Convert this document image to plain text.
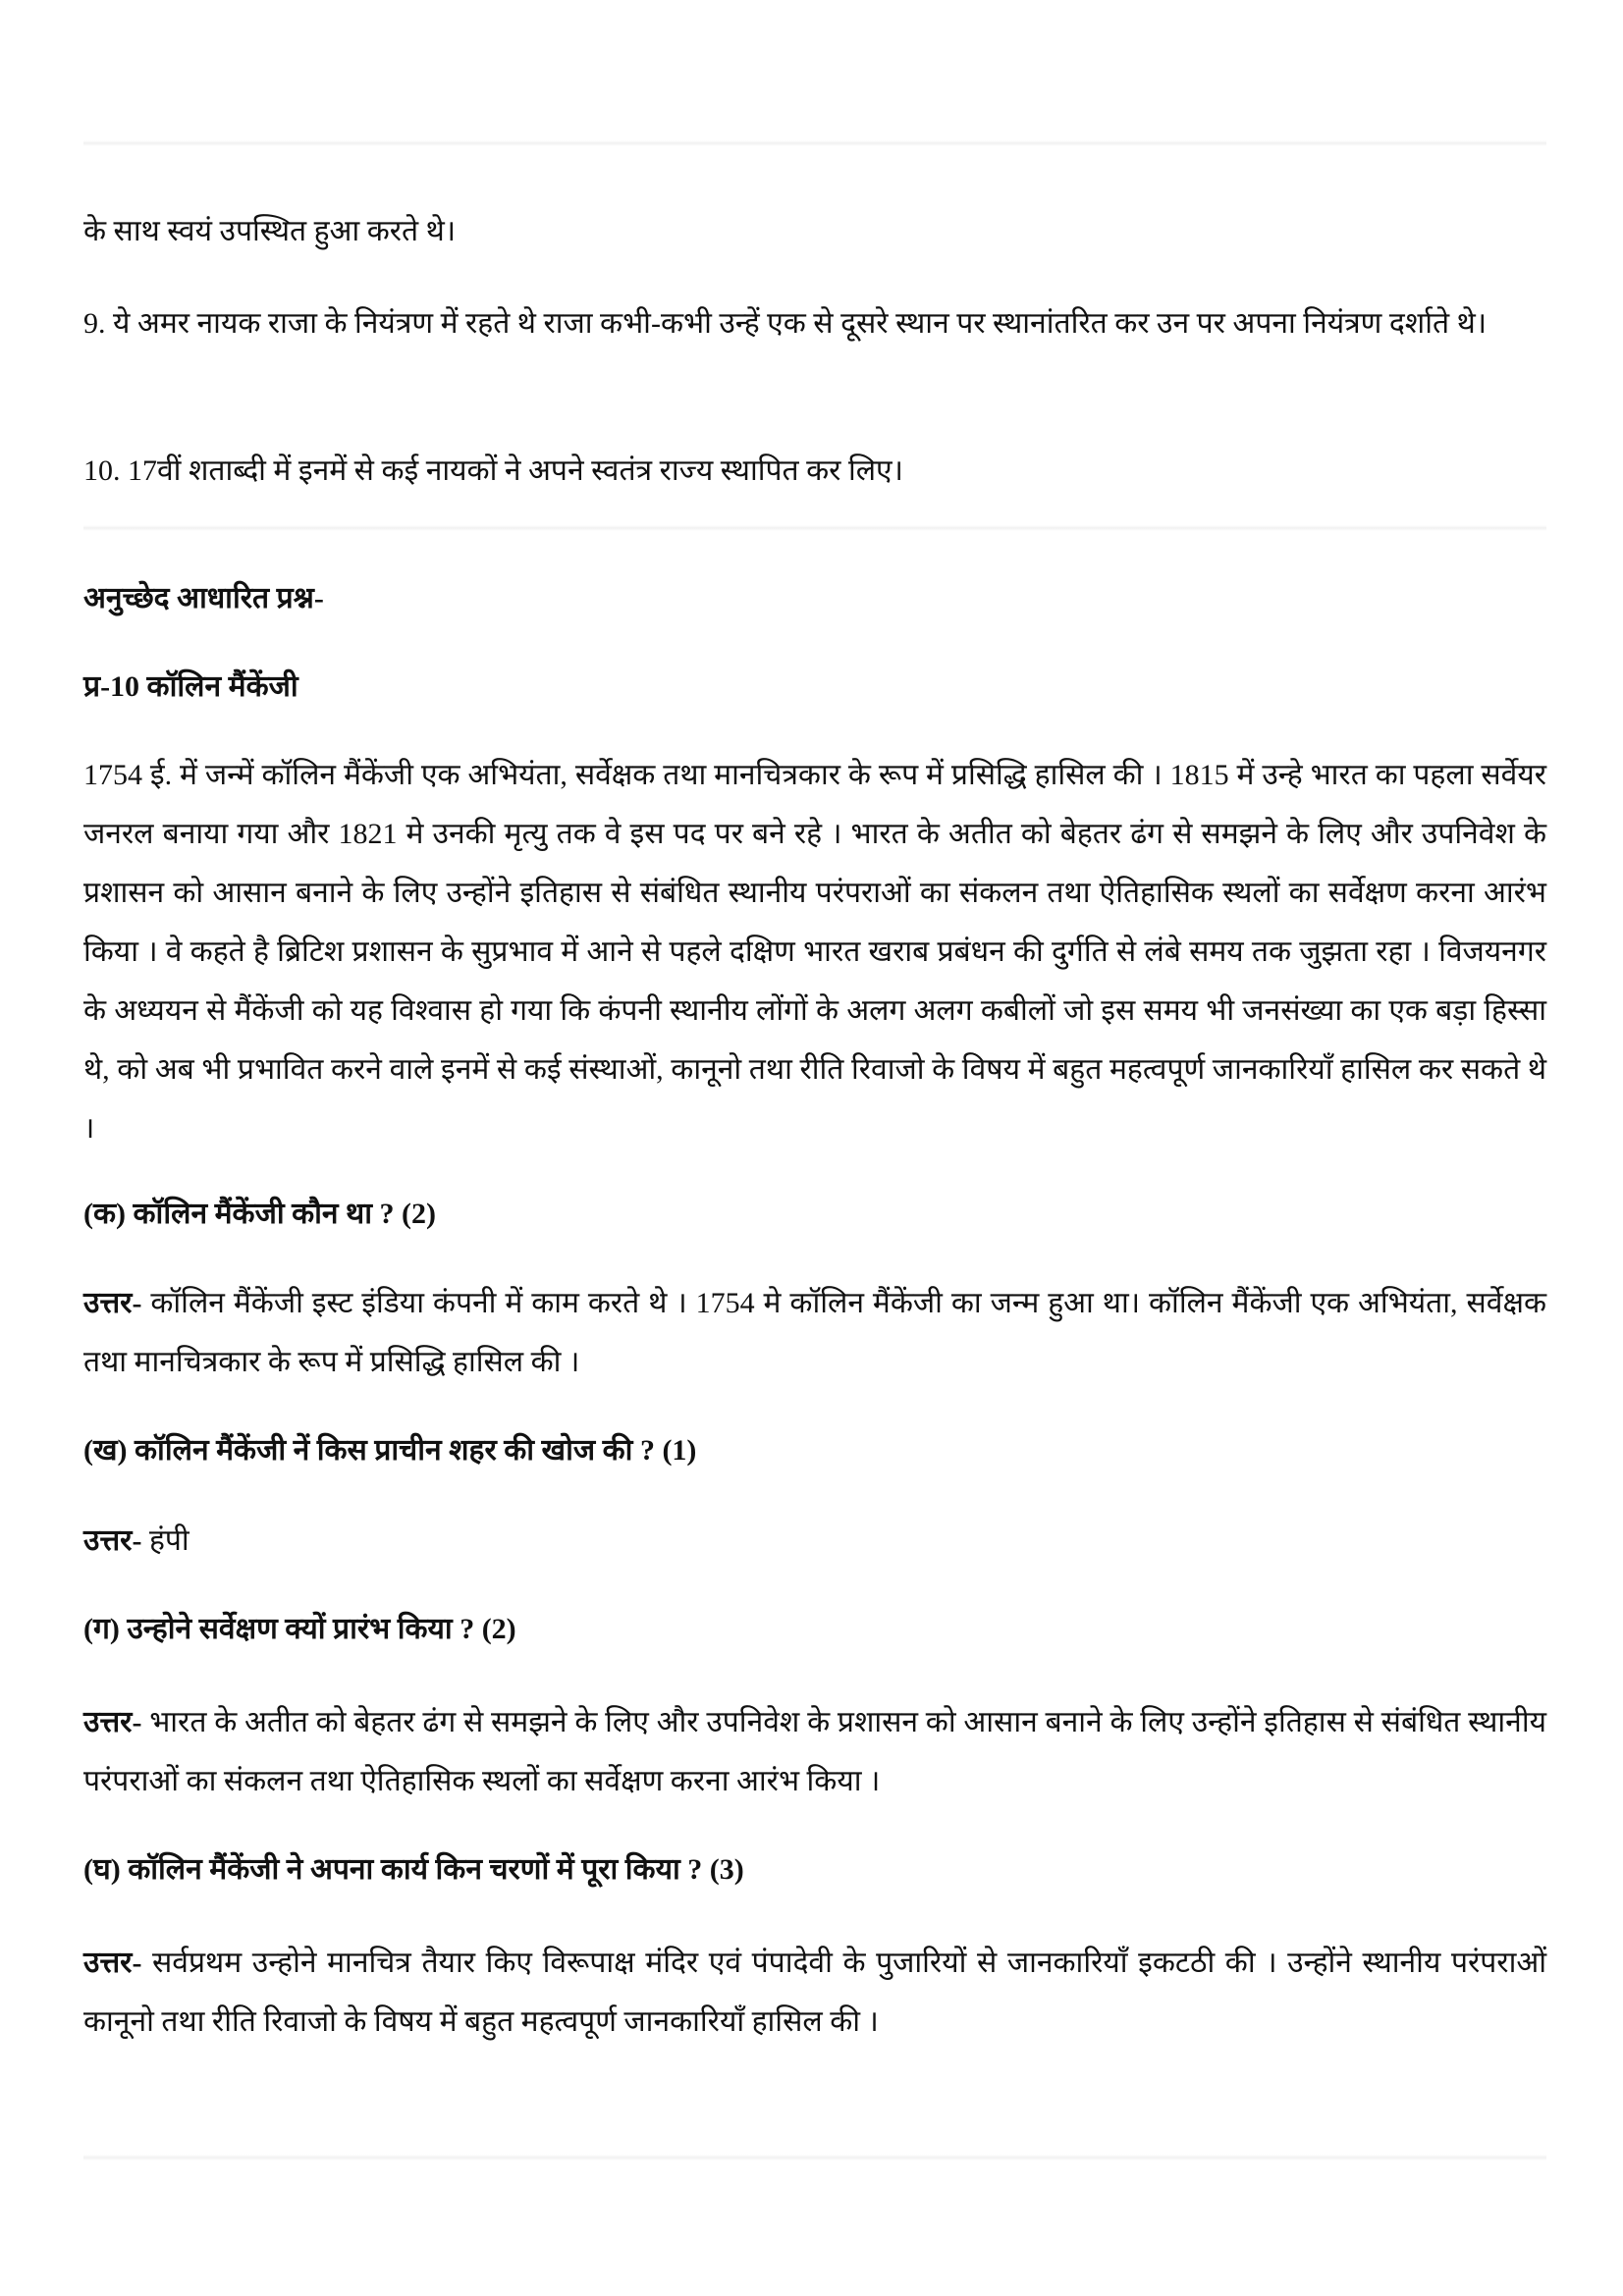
के साथ स्वयं उपस्थित हुआ करते थे।
9. ये अमर नायक राजा के नियंत्रण में रहते थे राजा कभी-कभी उन्हें एक से दूसरे स्थान पर स्थानांतरित कर उन पर अपना नियंत्रण दर्शाते थे।
10. 17वीं शताब्दी में इनमें से कई नायकों ने अपने स्वतंत्र राज्य स्थापित कर लिए।
अनुच्छेद आधारित प्रश्न-
प्र-10 कॉलिन मैंकेंजी
1754 ई. में जन्में कॉलिन मैंकेंजी एक अभियंता, सर्वेक्षक तथा मानचित्रकार के रूप में प्रसिद्धि हासिल की । 1815 में उन्हे भारत का पहला सर्वेयर जनरल बनाया गया और 1821 मे उनकी मृत्यु तक वे इस पद पर बने रहे । भारत के अतीत को बेहतर ढंग से समझने के लिए और उपनिवेश के प्रशासन को आसान बनाने के लिए उन्होंने इतिहास से संबंधित स्थानीय परंपराओं का संकलन तथा ऐतिहासिक स्थलों का सर्वेक्षण करना आरंभ किया । वे कहते है ब्रिटिश प्रशासन के सुप्रभाव में आने से पहले दक्षिण भारत खराब प्रबंधन की दुर्गति से लंबे समय तक जुझता रहा । विजयनगर के अध्ययन से मैंकेंजी को यह विश्वास हो गया कि कंपनी स्थानीय लोंगों के अलग अलग कबीलों जो इस समय भी जनसंख्या का एक बड़ा हिस्सा थे, को अब भी प्रभावित करने वाले इनमें से कई संस्थाओं, कानूनो तथा रीति रिवाजो के विषय में बहुत महत्वपूर्ण जानकारियाँ हासिल कर सकते थे ।
(क) कॉलिन मैंकेंजी कौन था ? (2)
उत्तर- कॉलिन मैंकेंजी इस्ट इंडिया कंपनी में काम करते थे । 1754 मे कॉलिन मैंकेंजी का जन्म हुआ था। कॉलिन मैंकेंजी एक अभियंता, सर्वेक्षक तथा मानचित्रकार के रूप में प्रसिद्धि हासिल की ।
(ख) कॉलिन मैंकेंजी नें किस प्राचीन शहर की खोज की ? (1)
उत्तर- हंपी
(ग) उन्होने सर्वेक्षण क्यों प्रारंभ किया ? (2)
उत्तर- भारत के अतीत को बेहतर ढंग से समझने के लिए और उपनिवेश के प्रशासन को आसान बनाने के लिए उन्होंने इतिहास से संबंधित स्थानीय परंपराओं का संकलन तथा ऐतिहासिक स्थलों का सर्वेक्षण करना आरंभ किया ।
(घ) कॉलिन मैंकेंजी ने अपना कार्य किन चरणों में पूरा किया ? (3)
उत्तर- सर्वप्रथम उन्होने मानचित्र तैयार किए विरूपाक्ष मंदिर एवं पंपादेवी के पुजारियों से जानकारियाँ इकटठी की । उन्होंने स्थानीय परंपराओं कानूनो तथा रीति रिवाजो के विषय में बहुत महत्वपूर्ण जानकारियाँ हासिल की ।
